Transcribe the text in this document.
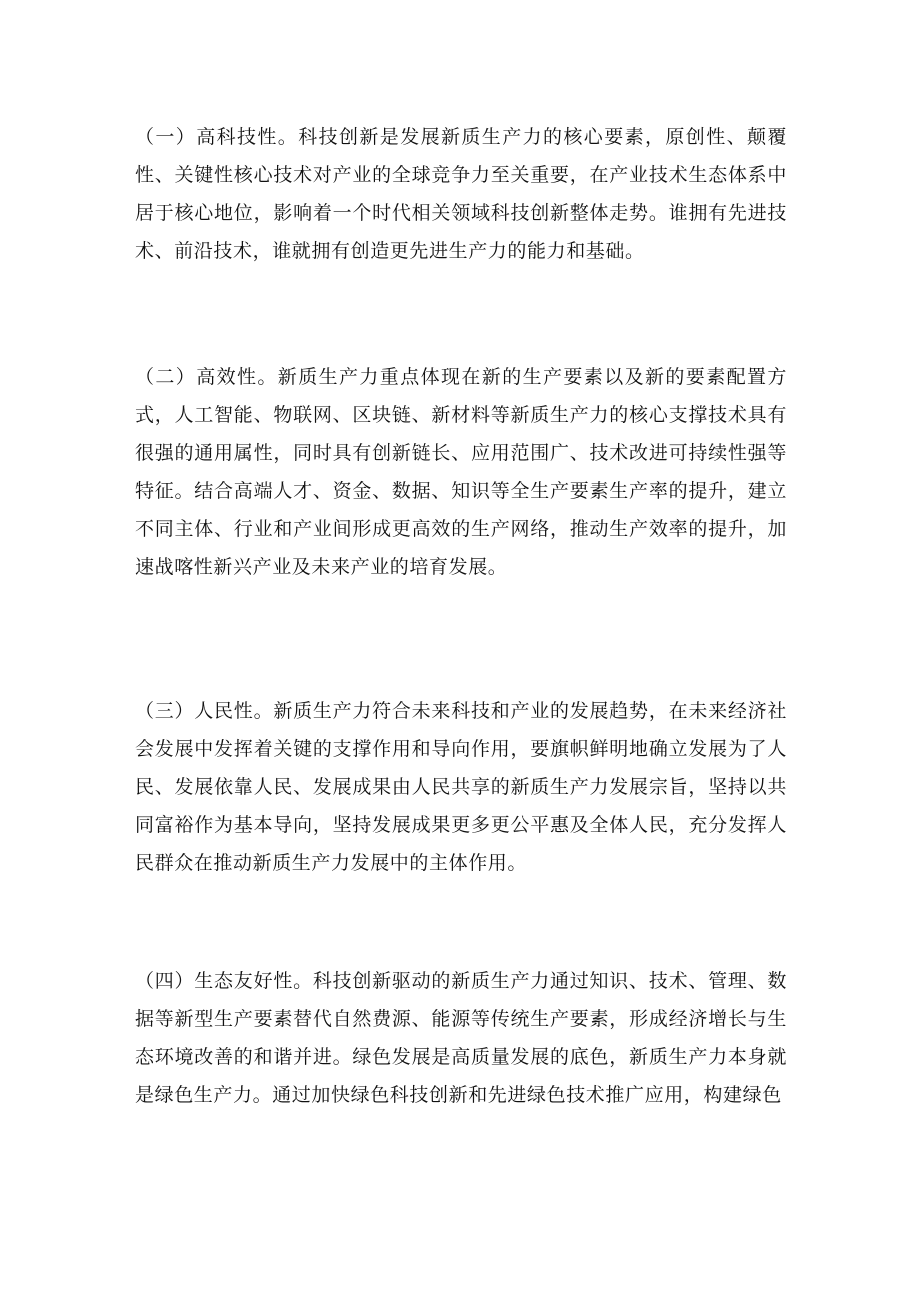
（一）高科技性。科技创新是发展新质生产力的核心要素，原创性、颠覆性、关键性核心技术对产业的全球竞争力至关重要，在产业技术生态体系中居于核心地位，影响着一个时代相关领域科技创新整体走势。谁拥有先进技术、前沿技术，谁就拥有创造更先进生产力的能力和基础。

（二）高效性。新质生产力重点体现在新的生产要素以及新的要素配置方式，人工智能、物联网、区块链、新材料等新质生产力的核心支撑技术具有很强的通用属性，同时具有创新链长、应用范围广、技术改进可持续性强等特征。结合高端人才、资金、数据、知识等全生产要素生产率的提升，建立不同主体、行业和产业间形成更高效的生产网络，推动生产效率的提升，加速战喀性新兴产业及未来产业的培育发展。

（三）人民性。新质生产力符合未来科技和产业的发展趋势，在未来经济社会发展中发挥着关键的支撑作用和导向作用，要旗帜鲜明地确立发展为了人民、发展依靠人民、发展成果由人民共享的新质生产力发展宗旨，坚持以共同富裕作为基本导向，坚持发展成果更多更公平惠及全体人民，充分发挥人民群众在推动新质生产力发展中的主体作用。

（四）生态友好性。科技创新驱动的新质生产力通过知识、技术、管理、数据等新型生产要素替代自然费源、能源等传统生产要素，形成经济增长与生态环境改善的和谐并进。绿色发展是高质量发展的底色，新质生产力本身就是绿色生产力。通过加快绿色科技创新和先进绿色技术推广应用，构建绿色
